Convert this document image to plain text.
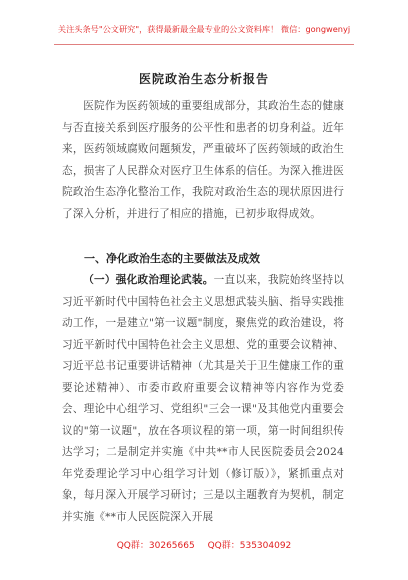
关注头条号"公文研究"，获得最新最全最专业的公文资料库！ 微信：gongwenyj
医院政治生态分析报告

医院作为医药领域的重要组成部分，其政治生态的健康与否直接关系到医疗服务的公平性和患者的切身利益。近年来，医药领域腐败问题频发，严重破坏了医药领域的政治生态，损害了人民群众对医疗卫生体系的信任。为深入推进医院政治生态净化整治工作，我院对政治生态的现状原因进行了深入分析，并进行了相应的措施，已初步取得成效。

一、净化政治生态的主要做法及成效

（一）强化政治理论武装。一直以来，我院始终坚持以习近平新时代中国特色社会主义思想武装头脑、指导实践推动工作，一是建立"第一议题"制度，聚焦党的政治建设，将习近平新时代中国特色社会主义思想、党的重要会议精神、习近平总书记重要讲话精神（尤其是关于卫生健康工作的重要论述精神）、市委市政府重要会议精神等内容作为党委会、理论中心组学习、党组织"三会一课"及其他党内重要会议的"第一议题"，放在各项议程的第一项，第一时间组织传达学习；二是制定并实施《中共**市人民医院委员会2024年党委理论学习中心组学习计划（修订版）》，紧抓重点对象，每月深入开展学习研讨；三是以主题教育为契机，制定并实施《**市人民医院深入开展

QQ群：30265665 QQ群：535304092
